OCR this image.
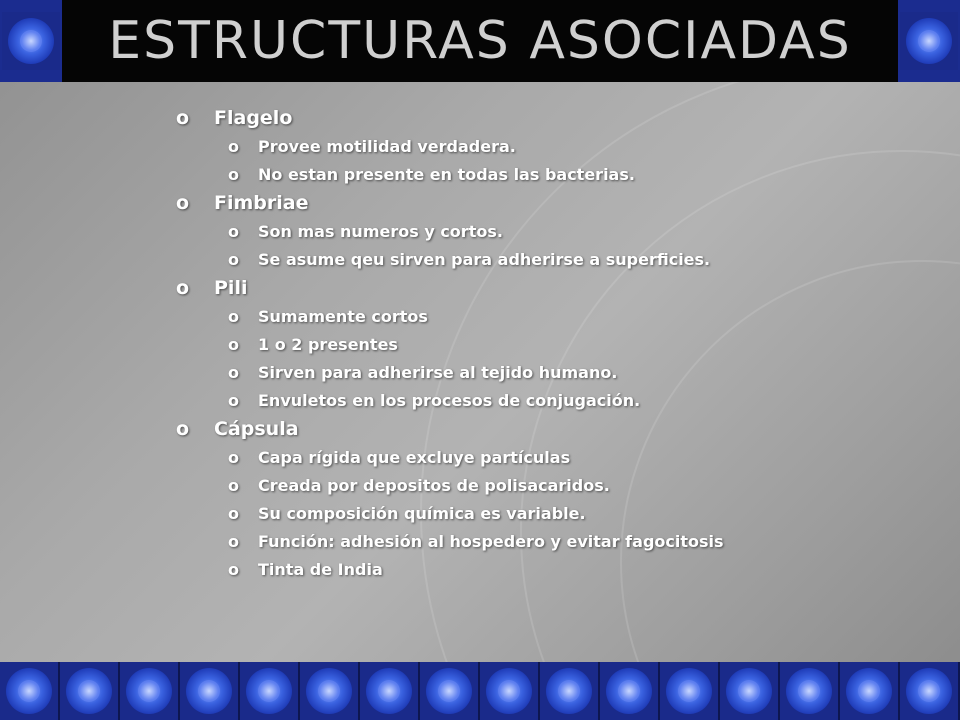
ESTRUCTURAS ASOCIADAS
o Flagelo
o Provee motilidad verdadera.
o No estan presente en todas las bacterias.
o Fimbriae
o Son mas numeros y cortos.
o Se asume qeu sirven para adherirse a superficies.
o Pili
o Sumamente cortos
o 1 o 2 presentes
o Sirven para adherirse al tejido humano.
o Envuletos en los procesos de conjugación.
o Cápsula
o Capa rígida que excluye partículas
o Creada por depositos de polisacaridos.
o Su composición química es variable.
o Función: adhesión al hospedero y evitar fagocitosis
o Tinta de India
